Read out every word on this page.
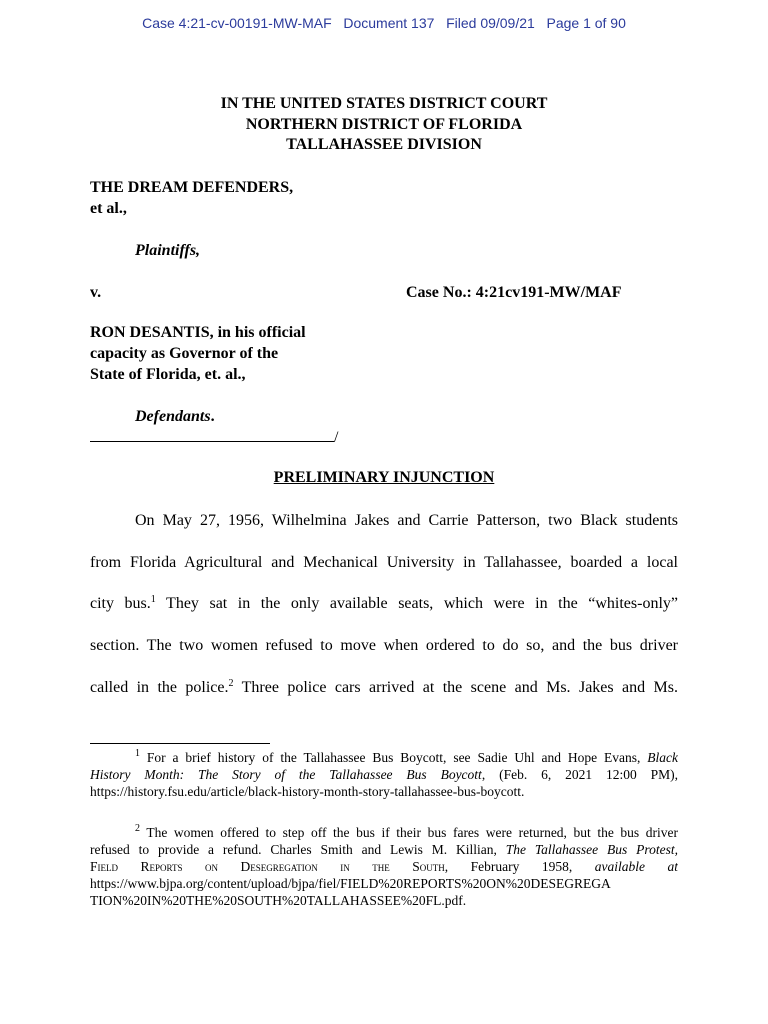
Case 4:21-cv-00191-MW-MAF Document 137 Filed 09/09/21 Page 1 of 90
IN THE UNITED STATES DISTRICT COURT
NORTHERN DISTRICT OF FLORIDA
TALLAHASSEE DIVISION
THE DREAM DEFENDERS,
et al.,
Plaintiffs,
v.	Case No.: 4:21cv191-MW/MAF
RON DESANTIS, in his official
capacity as Governor of the
State of Florida, et. al.,
Defendants.
/
PRELIMINARY INJUNCTION
On May 27, 1956, Wilhelmina Jakes and Carrie Patterson, two Black students
from Florida Agricultural and Mechanical University in Tallahassee, boarded a local
city bus.$^1$ They sat in the only available seats, which were in the “whites-only”
section. The two women refused to move when ordered to do so, and the bus driver
called in the police.$^2$ Three police cars arrived at the scene and Ms. Jakes and Ms.
$^1$ For a brief history of the Tallahassee Bus Boycott, see Sadie Uhl and Hope Evans, Black
History Month: The Story of the Tallahassee Bus Boycott, (Feb. 6, 2021 12:00 PM),
https://history.fsu.edu/article/black-history-month-story-tallahassee-bus-boycott.
$^2$ The women offered to step off the bus if their bus fares were returned, but the bus driver
refused to provide a refund. Charles Smith and Lewis M. Killian, The Tallahassee Bus Protest,
Field Reports on Desegregation in the South, February 1958, available at
https://www.bjpa.org/content/upload/bjpa/fiel/FIELD%20REPORTS%20ON%20DESEGREGA
TION%20IN%20THE%20SOUTH%20TALLAHASSEE%20FL.pdf.
